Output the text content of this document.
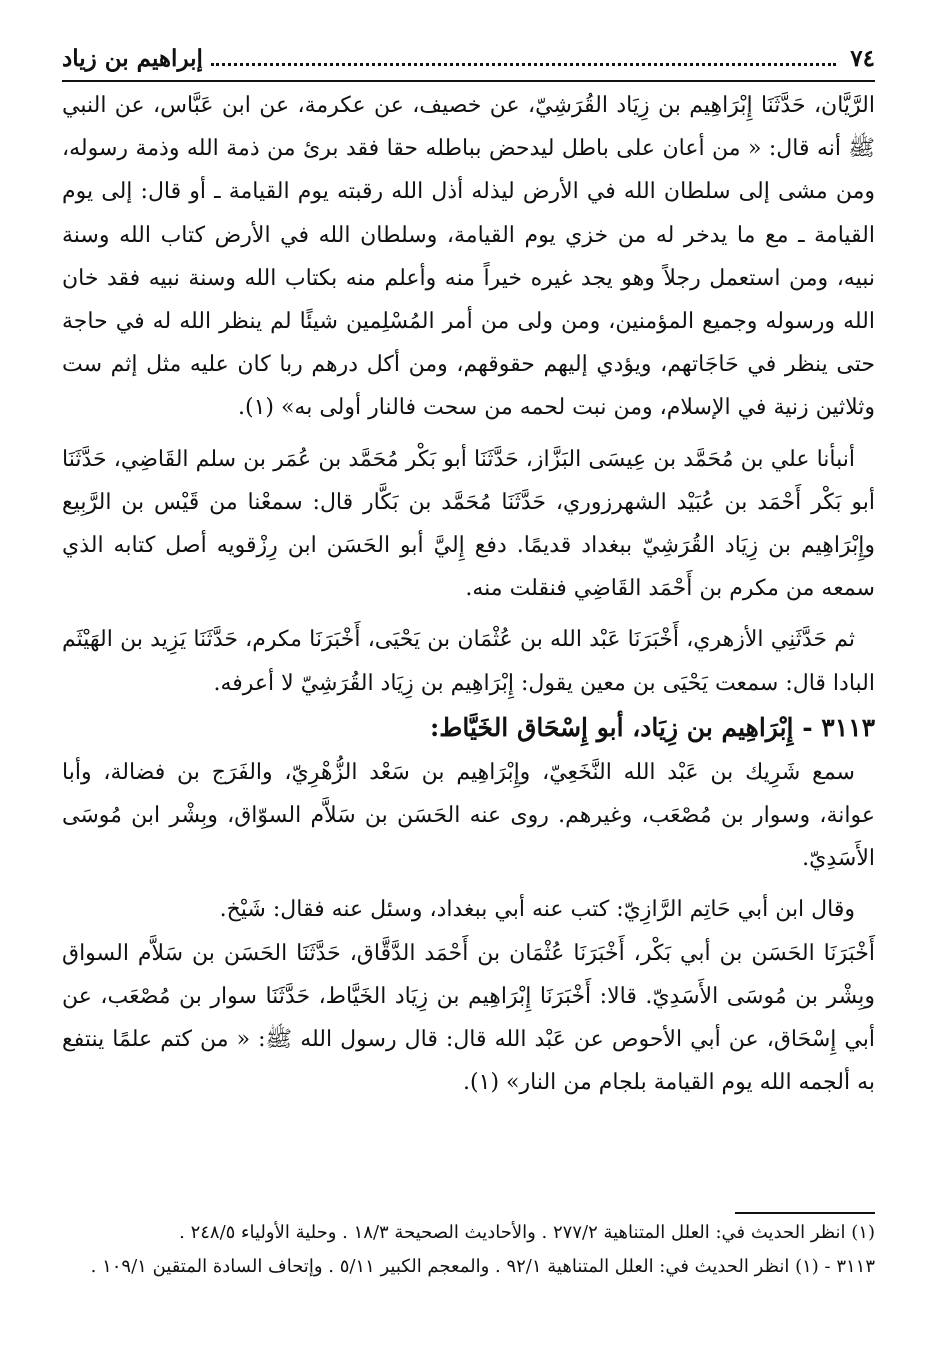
٧٤
إبراهيم بن زياد

الرَّيَّان، حَدَّثَنَا إِبْرَاهِيم بن زِيَاد القُرَشِيّ، عن خصيف، عن عكرمة، عن ابن عَبَّاس، عن النبي ﷺ أنه قال: « من أعان على باطل ليدحض بباطله حقا فقد برئ من ذمة الله وذمة رسوله، ومن مشى إلى سلطان الله في الأرض ليذله أذل الله رقبته يوم القيامة ـ أو قال: إلى يوم القيامة ـ مع ما يدخر له من خزي يوم القيامة، وسلطان الله في الأرض كتاب الله وسنة نبيه، ومن استعمل رجلاً وهو يجد غيره خيراً منه وأعلم منه بكتاب الله وسنة نبيه فقد خان الله ورسوله وجميع المؤمنين، ومن ولى من أمر المُسْلِمين شيئًا لم ينظر الله له في حاجة حتى ينظر في حَاجَاتهم، ويؤدي إليهم حقوقهم، ومن أكل درهم ربا كان عليه مثل إثم ست وثلاثين زنية في الإسلام، ومن نبت لحمه من سحت فالنار أولى به» (١).

أنبأنا علي بن مُحَمَّد بن عِيسَى البَزَّاز، حَدَّثَنَا أبو بَكْر مُحَمَّد بن عُمَر بن سلم القَاضِي، حَدَّثَنَا أبو بَكْر أَحْمَد بن عُبَيْد الشهرزوري، حَدَّثَنَا مُحَمَّد بن بَكَّار قال: سمعْنا من قَيْس بن الرَّبِيع وإِبْرَاهِيم بن زِيَاد القُرَشِيّ ببغداد قديمًا. دفع إِليَّ أبو الحَسَن ابن رِزْقويه أصل كتابه الذي سمعه من مكرم بن أَحْمَد القَاضِي فنقلت منه.

ثم حَدَّثَنِي الأزهري، أَخْبَرَنَا عَبْد الله بن عُثْمَان بن يَحْيَى، أَخْبَرَنَا مكرم، حَدَّثَنَا يَزِيد بن الهَيْثَم البادا قال: سمعت يَحْيَى بن معين يقول: إِبْرَاهِيم بن زِيَاد القُرَشِيّ لا أعرفه.

٣١١٣ - إِبْرَاهِيم بن زِيَاد، أبو إِسْحَاق الخَيَّاط:

سمع شَرِيك بن عَبْد الله النَّخَعِيّ، وإِبْرَاهِيم بن سَعْد الزُّهْرِيّ، والفَرَج بن فضالة، وأبا عوانة، وسوار بن مُصْعَب، وغيرهم. روى عنه الحَسَن بن سَلاَّم السوّاق، وبِشْر ابن مُوسَى الأَسَدِيّ.

وقال ابن أبي حَاتِم الرَّازِيّ: كتب عنه أبي ببغداد، وسئل عنه فقال: شَيْخ.

أَخْبَرَنَا الحَسَن بن أبي بَكْر، أَخْبَرَنَا عُثْمَان بن أَحْمَد الدَّقَّاق، حَدَّثَنَا الحَسَن بن سَلاَّم السواق وبِشْر بن مُوسَى الأَسَدِيّ. قالا: أَخْبَرَنَا إِبْرَاهِيم بن زِيَاد الخَيَّاط، حَدَّثَنَا سوار بن مُصْعَب، عن أبي إِسْحَاق، عن أبي الأحوص عن عَبْد الله قال: قال رسول الله ﷺ: « من كتم علمًا ينتفع به ألجمه الله يوم القيامة بلجام من النار» (١).

(١) انظر الحديث في: العلل المتناهية ٢٧٧/٢ . والأحاديث الصحيحة ١٨/٣ . وحلية الأولياء ٢٤٨/٥ .

٣١١٣ - (١) انظر الحديث في: العلل المتناهية ٩٢/١ . والمعجم الكبير ٥/١١ . وإتحاف السادة المتقين ١٠٩/١ .
